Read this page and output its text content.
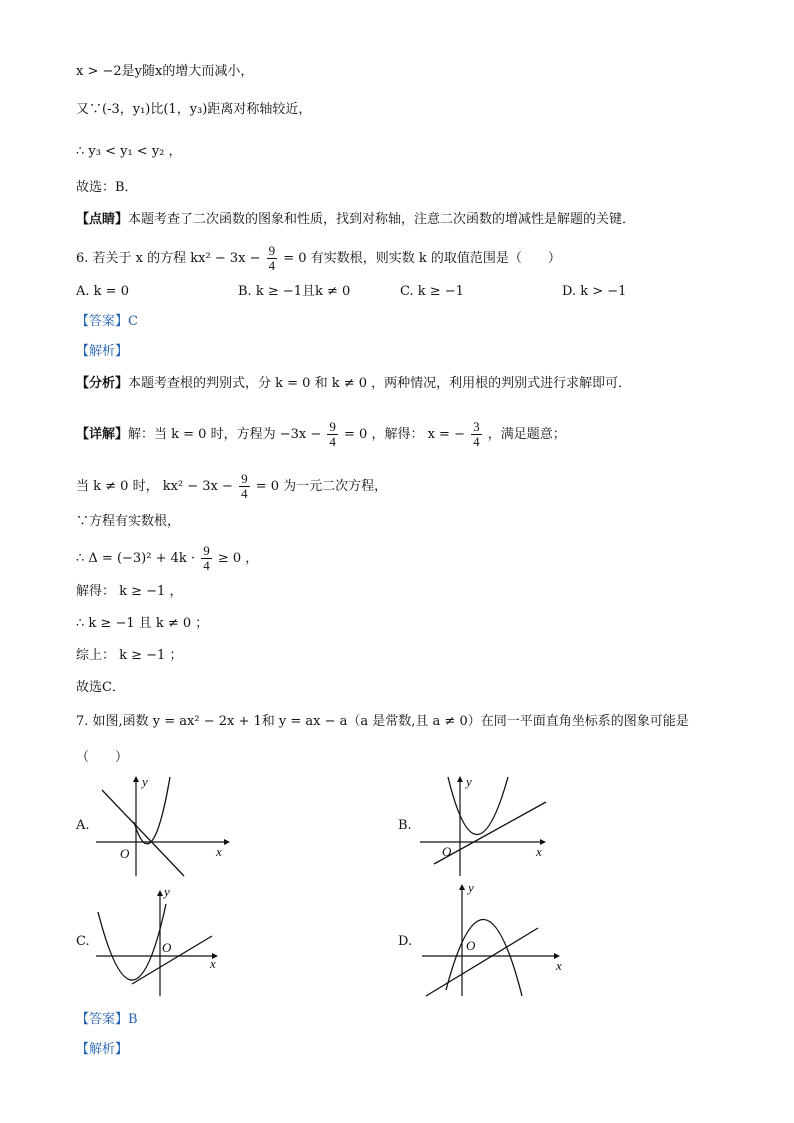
x > −2是y随x的增大而减小，
又∵(‑3，y₁)比(1，y₃)距离对称轴较近，
∴ y₃ < y₁ < y₂ ，
故选：B．
【点睛】本题考查了二次函数的图象和性质，找到对称轴，注意二次函数的增减性是解题的关键．
6. 若关于 x 的方程 $kx^2 - 3x - \frac{9}{4} = 0$ 有实数根，则实数 k 的取值范围是（　　）
A. k = 0	B. k ≥ −1且k ≠ 0	C. k ≥ −1	D. k > −1
【答案】C
【解析】
【分析】本题考查根的判别式，分 k = 0 和 k ≠ 0 ，两种情况，利用根的判别式进行求解即可．
【详解】解：当 k = 0 时，方程为 $-3x - \frac{9}{4} = 0$ ，解得： x = − $\frac{3}{4}$ ，满足题意；
当 k ≠ 0 时， $kx^2 - 3x - \frac{9}{4} = 0$ 为一元二次方程，
∵方程有实数根，
∴ $\Delta = (-3)^2 + 4k \cdot \frac{9}{4} \ge 0$ ，
解得： k ≥ −1 ，
∴ k ≥ −1 且 k ≠ 0 ；
综上： k ≥ −1 ；
故选C．
7. 如图,函数 y = ax² − 2x + 1和 y = ax − a（a 是常数,且 a ≠ 0）在同一平面直角坐标系的图象可能是
（　　）
A.
O	x
y
B.
O	x
y
C.	O
x
y
D.	O
x
y
【答案】B
【解析】
